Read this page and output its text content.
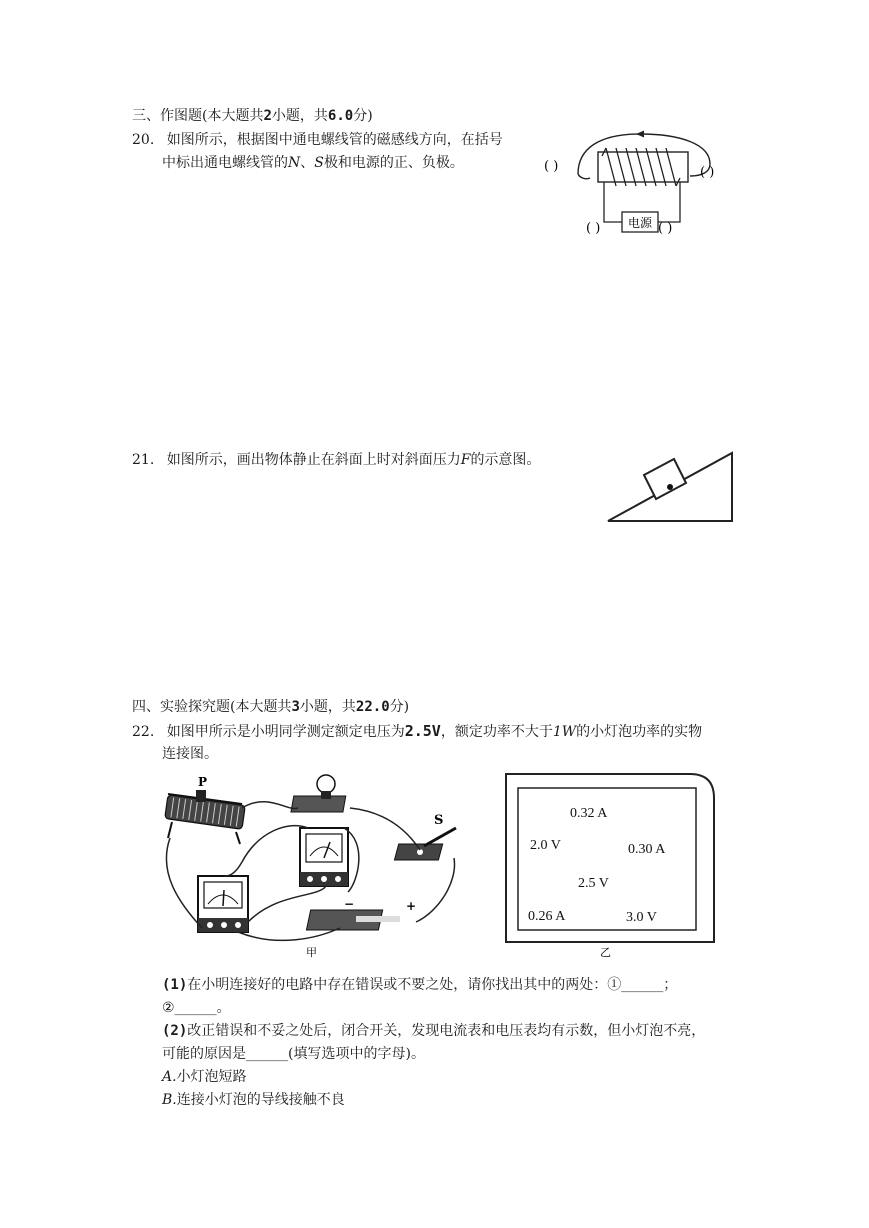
三、作图题(本大题共2小题，共6.0分)
20. 如图所示，根据图中通电螺线管的磁感线方向，在括号
中标出通电螺线管的N、S极和电源的正、负极。
电源
( )	( )
( )	( )
21. 如图所示，画出物体静止在斜面上时对斜面压力F的示意图。
四、实验探究题(本大题共3小题，共22.0分)
22. 如图甲所示是小明同学测定额定电压为2.5V，额定功率不大于1W的小灯泡功率的实物
连接图。
P
S
−	+
甲
0.32 A
2.0 V	0.30 A
2.5 V
0.26 A	3.0 V
乙
(1)在小明连接好的电路中存在错误或不要之处，请你找出其中的两处：①______；
②______。
(2)改正错误和不妥之处后，闭合开关，发现电流表和电压表均有示数，但小灯泡不亮，
可能的原因是______(填写选项中的字母)。
A.小灯泡短路
B.连接小灯泡的导线接触不良
